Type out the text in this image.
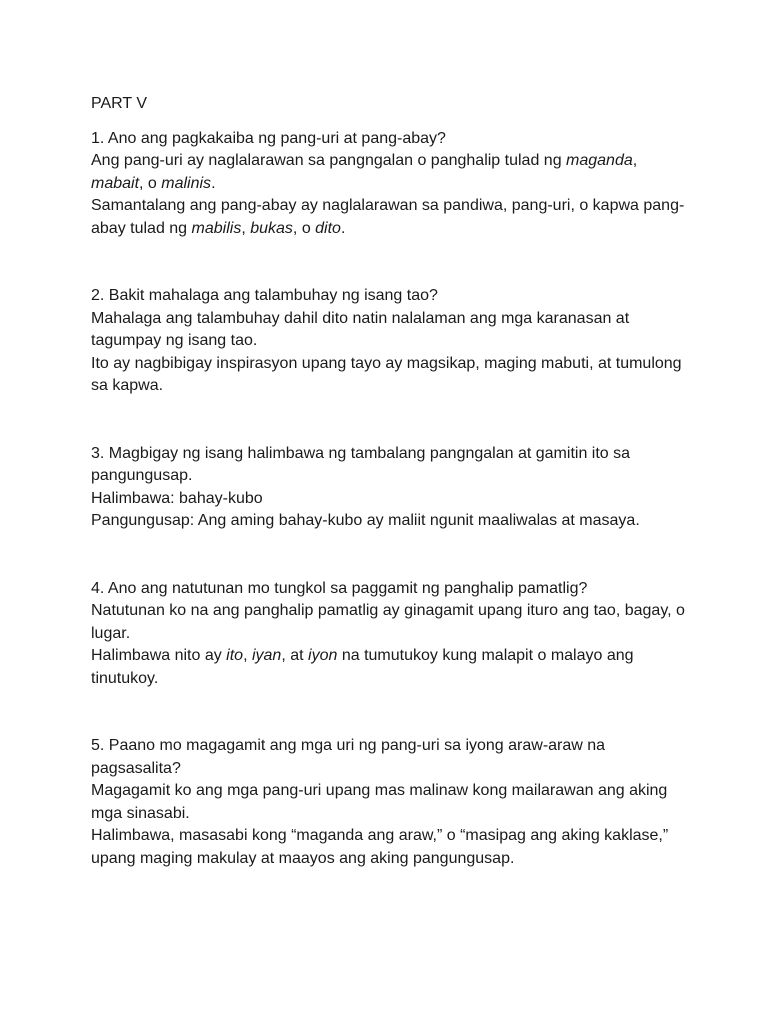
PART V

1. Ano ang pagkakaiba ng pang-uri at pang-abay?

Ang pang-uri ay naglalarawan sa pangngalan o panghalip tulad ng maganda, mabait, o malinis.

Samantalang ang pang-abay ay naglalarawan sa pandiwa, pang-uri, o kapwa pang-abay tulad ng mabilis, bukas, o dito.

2. Bakit mahalaga ang talambuhay ng isang tao?

Mahalaga ang talambuhay dahil dito natin nalalaman ang mga karanasan at tagumpay ng isang tao.

Ito ay nagbibigay inspirasyon upang tayo ay magsikap, maging mabuti, at tumulong sa kapwa.

3. Magbigay ng isang halimbawa ng tambalang pangngalan at gamitin ito sa pangungusap.

Halimbawa: bahay-kubo

Pangungusap: Ang aming bahay-kubo ay maliit ngunit maaliwalas at masaya.

4. Ano ang natutunan mo tungkol sa paggamit ng panghalip pamatlig?

Natutunan ko na ang panghalip pamatlig ay ginagamit upang ituro ang tao, bagay, o lugar.

Halimbawa nito ay ito, iyan, at iyon na tumutukoy kung malapit o malayo ang tinutukoy.

5. Paano mo magagamit ang mga uri ng pang-uri sa iyong araw-araw na pagsasalita?

Magagamit ko ang mga pang-uri upang mas malinaw kong mailarawan ang aking mga sinasabi.

Halimbawa, masasabi kong “maganda ang araw,” o “masipag ang aking kaklase,” upang maging makulay at maayos ang aking pangungusap.
